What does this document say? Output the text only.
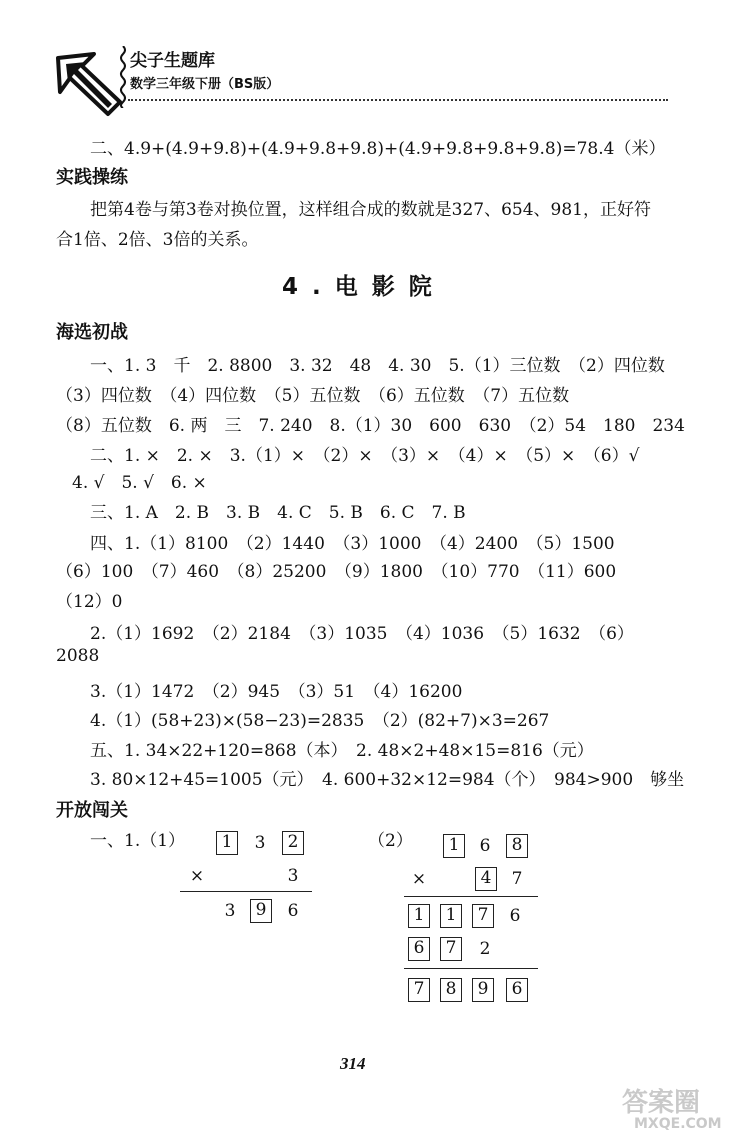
尖子生题库
数学三年级下册（BS版）
二、4.9+(4.9+9.8)+(4.9+9.8+9.8)+(4.9+9.8+9.8+9.8)=78.4（米）
实践操练
把第4卷与第3卷对换位置，这样组合成的数就是327、654、981，正好符
合1倍、2倍、3倍的关系。
4.电影院
海选初战
一、1. 3　千　2. 8800　3. 32　48　4. 30　5.（1）三位数　（2）四位数
（3）四位数　（4）四位数　（5）五位数　（6）五位数　（7）五位数
（8）五位数　6. 两　三　7. 240　8.（1）30　600　630　（2）54　180　234
二、1. ×　2. ×　3.（1）×　（2）×　（3）×　（4）×　（5）×　（6）√
4. √　5. √　6. ×
三、1. A　2. B　3. B　4. C　5. B　6. C　7. B
四、1.（1）8100　（2）1440　（3）1000　（4）2400　（5）1500
（6）100　（7）460　（8）25200　（9）1800　（10）770　（11）600
（12）0
2.（1）1692　（2）2184　（3）1035　（4）1036　（5）1632　（6）
2088
3.（1）1472　（2）945　（3）51　（4）16200
4.（1）(58+23)×(58−23)=2835　（2）(82+7)×3=267
五、1. 34×22+120=868（本）　2. 48×2+48×15=816（元）
3. 80×12+45=1005（元）　4. 600+32×12=984（个）　984>900　够坐
开放闯关
一、1.（1）	（2）
1	3	2
×	3
3	9	6
1	6	8
×	4	7
1	1	7	6
6	7	2
7	8	9	6
314
答案圈
MXQE.COM
